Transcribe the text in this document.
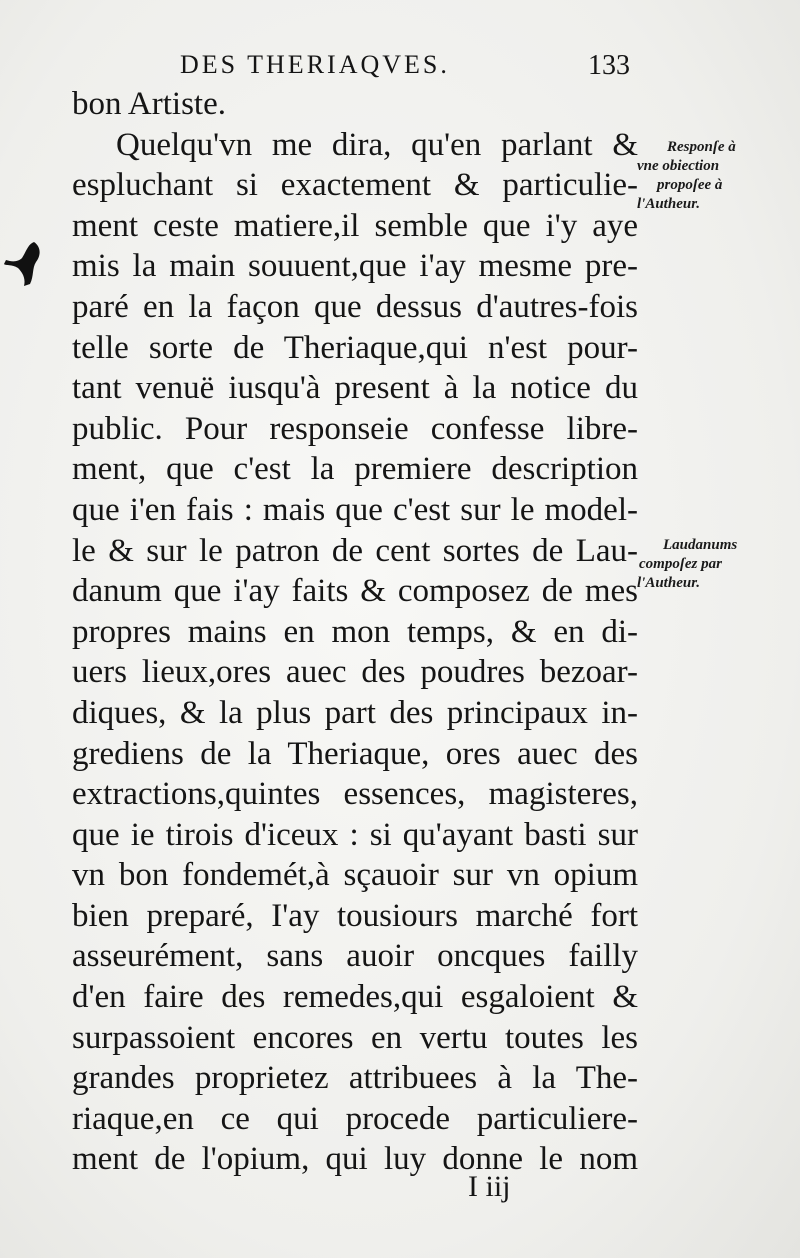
DES THERIAQVES.	133
bon Artiste.
Quelqu'vn me dira, qu'en parlant &
espluchant si exactement & particulie-
ment ceste matiere,il semble que i'y aye
mis la main souuent,que i'ay mesme pre-
paré en la façon que dessus d'autres-fois
telle sorte de Theriaque,qui n'est pour-
tant venuë iusqu'à present à la notice du
public. Pour responseie confesse libre-
ment, que c'est la premiere description
que i'en fais : mais que c'est sur le model-
le & sur le patron de cent sortes de Lau-
danum que i'ay faits & composez de mes
propres mains en mon temps, & en di-
uers lieux,ores auec des poudres bezoar-
diques, & la plus part des principaux in-
grediens de la Theriaque, ores auec des
extractions,quintes essences, magisteres,
que ie tirois d'iceux : si qu'ayant basti sur
vn bon fondemét,à sçauoir sur vn opium
bien preparé, I'ay tousiours marché fort
asseurément, sans auoir oncques failly
d'en faire des remedes,qui esgaloient &
surpassoient encores en vertu toutes les
grandes proprietez attribuees à la The-
riaque,en ce qui procede particuliere-
ment de l'opium, qui luy donne le nom
Responſe à
vne obiection
propoſee à
l'Autheur.
Laudanums
compoſez par
l'Autheur.
I iij
